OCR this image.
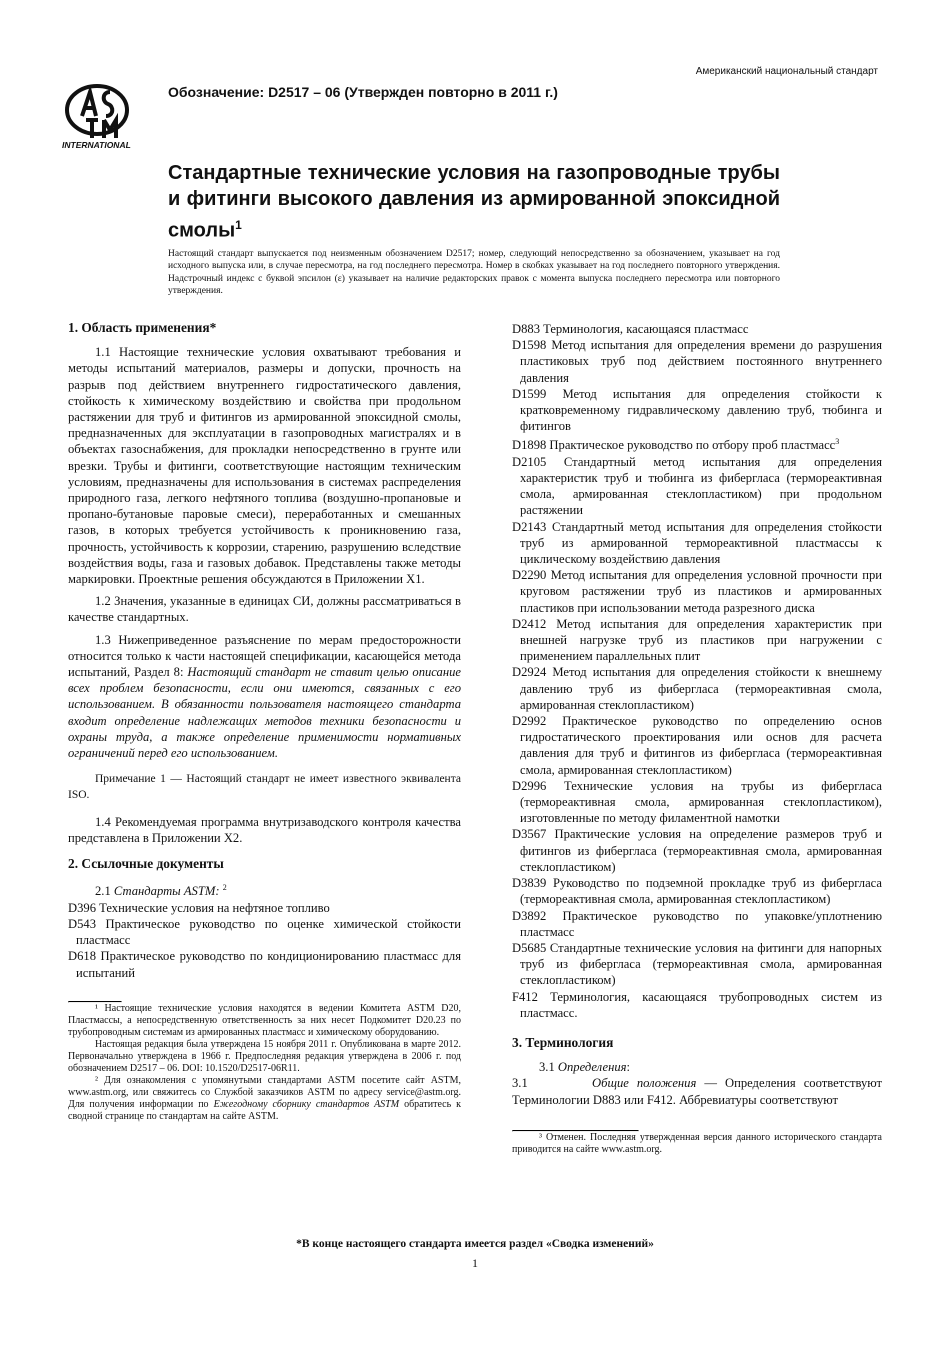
Американский национальный стандарт
INTERNATIONAL
Обозначение: D2517 – 06 (Утвержден повторно в 2011 г.)
Стандартные технические условия на газопроводные трубы и фитинги высокого давления из армированной эпоксидной смолы$^1$

Настоящий стандарт выпускается под неизменным обозначением D2517; номер, следующий непосредственно за обозначением, указывает на год исходного выпуска или, в случае пересмотра, на год последнего пересмотра. Номер в скобках указывает на год последнего повторного утверждения. Надстрочный индекс с буквой эпсилон (ε) указывает на наличие редакторских правок с момента выпуска последнего пересмотра или повторного утверждения.

1. Область применения*

1.1 Настоящие технические условия охватывают требования и методы испытаний материалов, размеры и допуски, прочность на разрыв под действием внутреннего гидростатического давления, стойкость к химическому воздействию и свойства при продольном растяжении для труб и фитингов из армированной эпоксидной смолы, предназначенных для эксплуатации в газопроводных магистралях и в объектах газоснабжения, для прокладки непосредственно в грунте или врезки. Трубы и фитинги, соответствующие настоящим техническим условиям, предназначены для использования в системах распределения природного газа, легкого нефтяного топлива (воздушно-пропановые и пропано-бутановые паровые смеси), переработанных и смешанных газов, в которых требуется устойчивость к проникновению газа, прочность, устойчивость к коррозии, старению, разрушению вследствие воздействия воды, газа и газовых добавок. Представлены также методы маркировки. Проектные решения обсуждаются в Приложении X1.

1.2 Значения, указанные в единицах СИ, должны рассматриваться в качестве стандартных.

1.3 Нижеприведенное разъяснение по мерам предосторожности относится только к части настоящей спецификации, касающейся метода испытаний, Раздел 8: Настоящий стандарт не ставит целью описание всех проблем безопасности, если они имеются, связанных с его использованием. В обязанности пользователя настоящего стандарта входит определение надлежащих методов техники безопасности и охраны труда, а также определение применимости нормативных ограничений перед его использованием.

Примечание 1 — Настоящий стандарт не имеет известного эквивалента ISO.

1.4 Рекомендуемая программа внутризаводского контроля качества представлена в Приложении X2.

2. Ссылочные документы

2.1 Стандарты ASTM: $^2$

D396 Технические условия на нефтяное топливо

D543 Практическое руководство по оценке химической стойкости пластмасс

D618 Практическое руководство по кондиционированию пластмасс для испытаний

¹ Настоящие технические условия находятся в ведении Комитета ASTM D20, Пластмассы, а непосредственную ответственность за них несет Подкомитет D20.23 по трубопроводным системам из армированных пластмасс и химическому оборудованию.

Настоящая редакция была утверждена 15 ноября 2011 г. Опубликована в марте 2012. Первоначально утверждена в 1966 г. Предпоследняя редакция утверждена в 2006 г. под обозначением D2517 – 06. DOI: 10.1520/D2517-06R11.

² Для ознакомления с упомянутыми стандартами ASTM посетите сайт ASTM, www.astm.org, или свяжитесь со Службой заказчиков ASTM по адресу service@astm.org. Для получения информации по Ежегодному сборнику стандартов ASTM обратитесь к сводной странице по стандартам на сайте ASTM.

D883 Терминология, касающаяся пластмасс

D1598 Метод испытания для определения времени до разрушения пластиковых труб под действием постоянного внутреннего давления

D1599 Метод испытания для определения стойкости к кратковременному гидравлическому давлению труб, тюбинга и фитингов

D1898 Практическое руководство по отбору проб пластмасс$^3$

D2105 Стандартный метод испытания для определения характеристик труб и тюбинга из фибергласа (термореактивная смола, армированная стеклопластиком) при продольном растяжении

D2143 Стандартный метод испытания для определения стойкости труб из армированной термореактивной пластмассы к циклическому воздействию давления

D2290 Метод испытания для определения условной прочности при круговом растяжении труб из пластиков и армированных пластиков при использовании метода разрезного диска

D2412 Метод испытания для определения характеристик при внешней нагрузке труб из пластиков при нагружении с применением параллельных плит

D2924 Метод испытания для определения стойкости к внешнему давлению труб из фибергласа (термореактивная смола, армированная стеклопластиком)

D2992 Практическое руководство по определению основ гидростатического проектирования или основ для расчета давления для труб и фитингов из фибергласа (термореактивная смола, армированная стеклопластиком)

D2996 Технические условия на трубы из фибергласа (термореактивная смола, армированная стеклопластиком), изготовленные по методу филаментной намотки

D3567 Практические условия на определение размеров труб и фитингов из фибергласа (термореактивная смола, армированная стеклопластиком)

D3839 Руководство по подземной прокладке труб из фибергласа (термореактивная смола, армированная стеклопластиком)

D3892 Практическое руководство по упаковке/уплотнению пластмасс

D5685 Стандартные технические условия на фитинги для напорных труб из фибергласа (термореактивная смола, армированная стеклопластиком)

F412 Терминология, касающаяся трубопроводных систем из пластмасс.

3. Терминология

3.1 Определения:

3.1	Общие положения — Определения соответствуют Терминологии D883 или F412. Аббревиатуры соответствуют

³ Отменен. Последняя утвержденная версия данного исторического стандарта приводится на сайте www.astm.org.

*В конце настоящего стандарта имеется раздел «Сводка изменений»
1
